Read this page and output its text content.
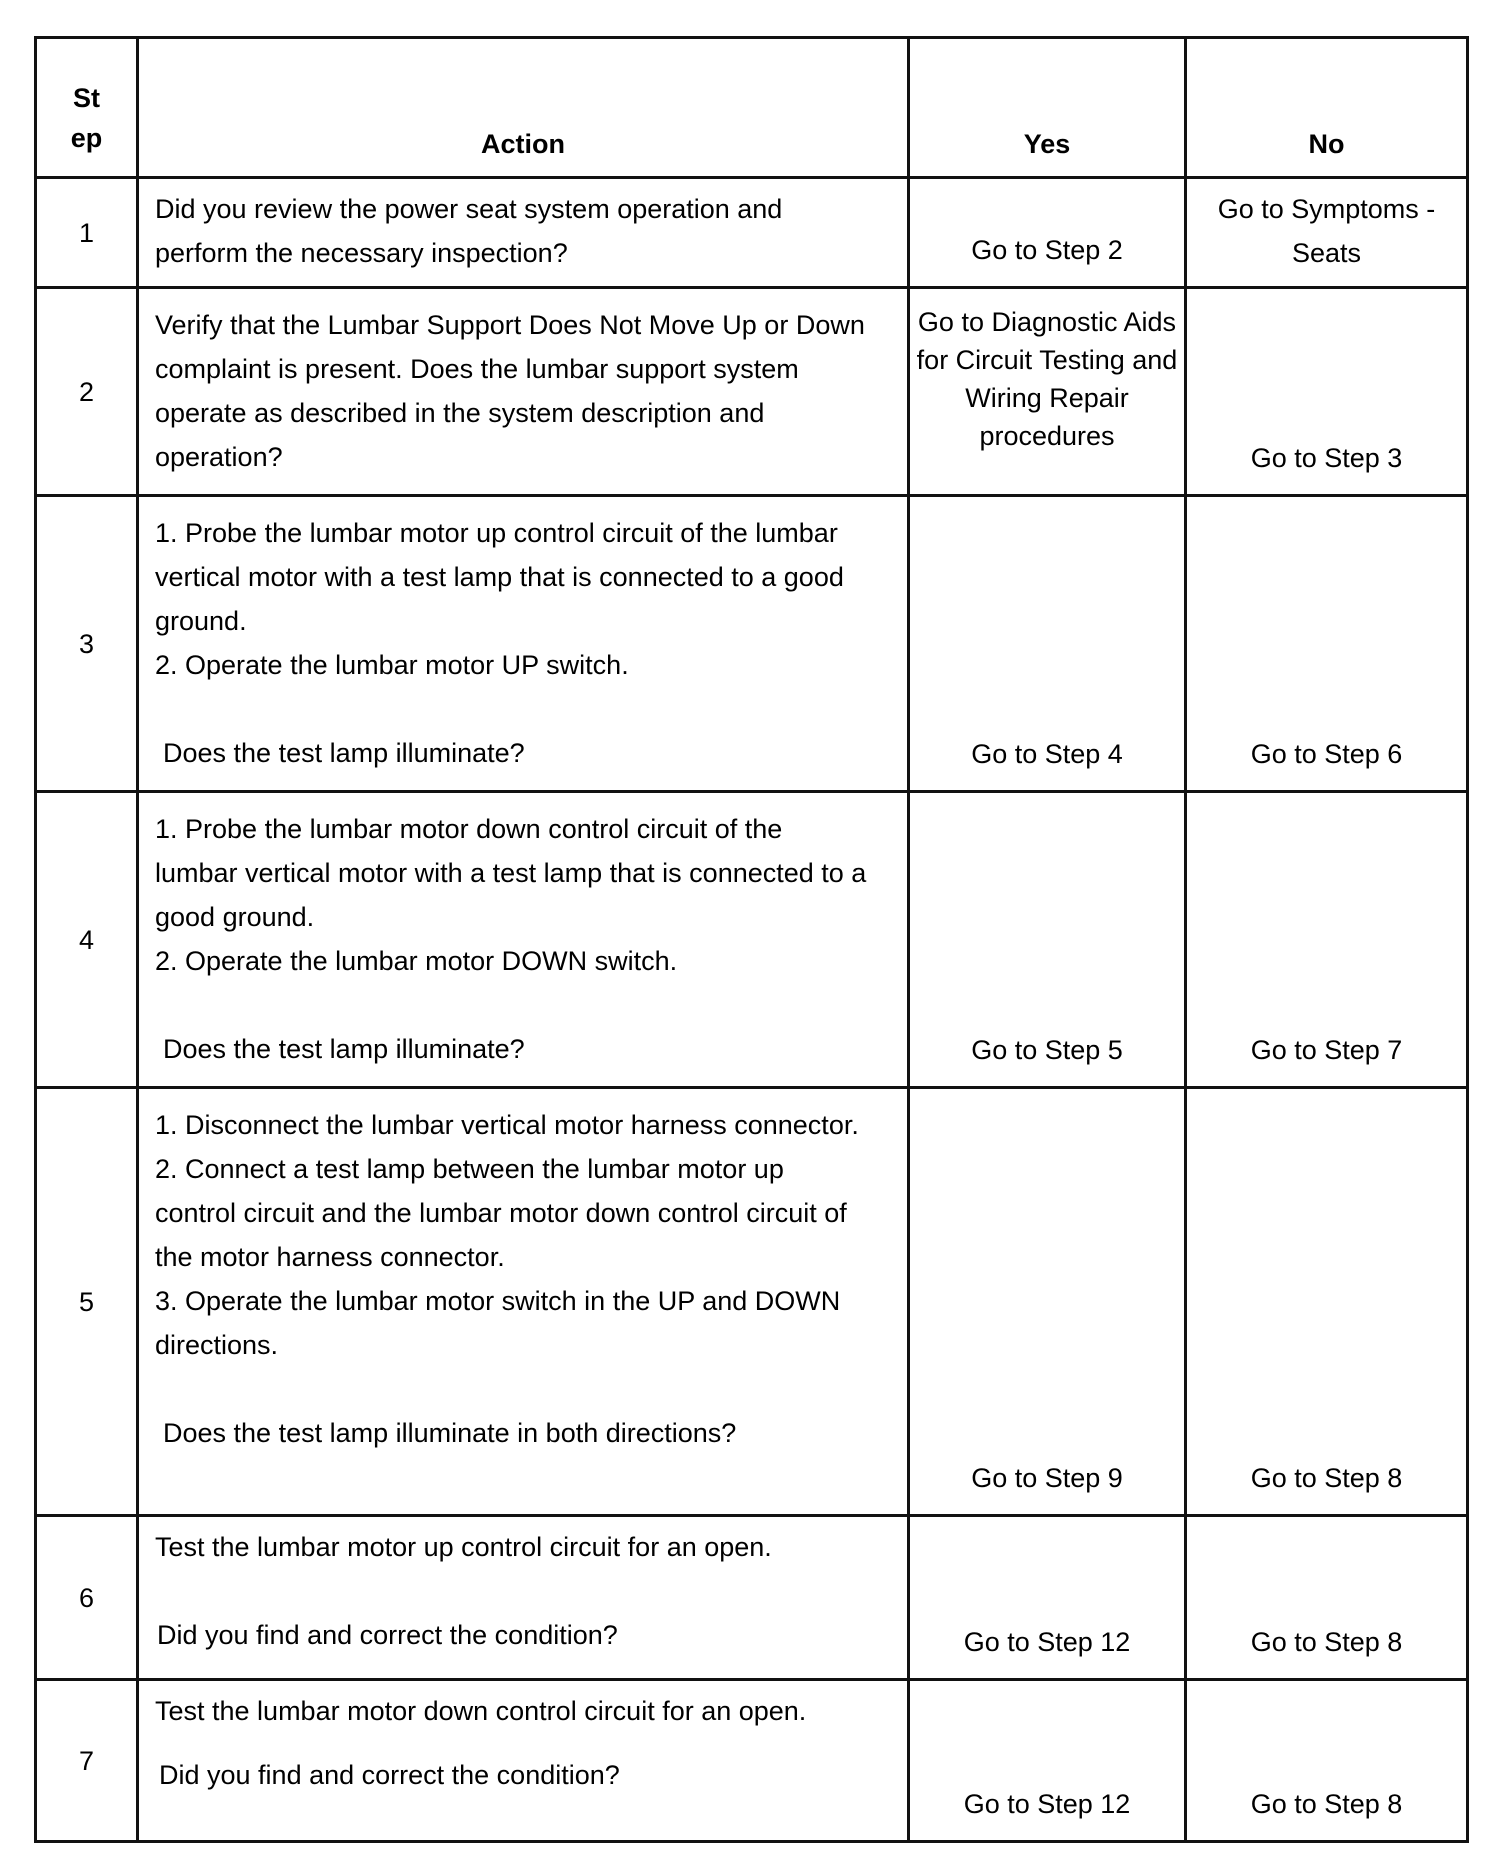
St
ep	Action	Yes	No
1	Did you review the power seat system operation and perform the necessary inspection?	Go to Step 2	Go to Symptoms - Seats
2	Verify that the Lumbar Support Does Not Move Up or Down complaint is present. Does the lumbar support system operate as described in the system description and operation?	Go to Diagnostic Aids for Circuit Testing and Wiring Repair procedures	Go to Step 3
3	1. Probe the lumbar motor up control circuit of the lumbar vertical motor with a test lamp that is connected to a good ground.

2. Operate the lumbar motor UP switch.

Does the test lamp illuminate?	Go to Step 4	Go to Step 6
4	1. Probe the lumbar motor down control circuit of the lumbar vertical motor with a test lamp that is connected to a good ground.

2. Operate the lumbar motor DOWN switch.

Does the test lamp illuminate?	Go to Step 5	Go to Step 7
5	1. Disconnect the lumbar vertical motor harness connector.

2. Connect a test lamp between the lumbar motor up control circuit and the lumbar motor down control circuit of the motor harness connector.

3. Operate the lumbar motor switch in the UP and DOWN directions.

Does the test lamp illuminate in both directions?	Go to Step 9	Go to Step 8
6	Test the lumbar motor up control circuit for an open.

Did you find and correct the condition?	Go to Step 12	Go to Step 8
7	Test the lumbar motor down control circuit for an open.

Did you find and correct the condition?	Go to Step 12	Go to Step 8
